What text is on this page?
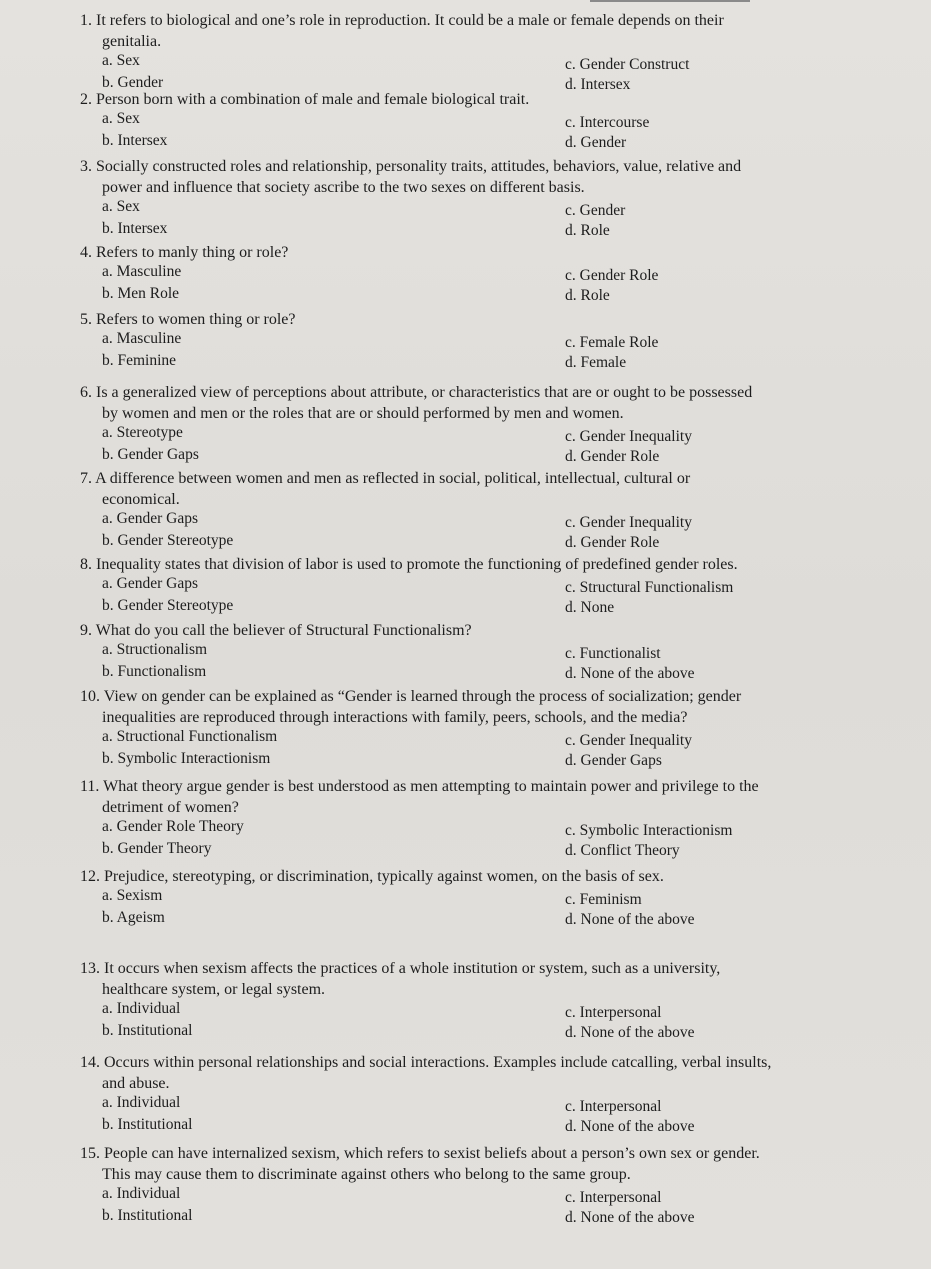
1. It refers to biological and one’s role in reproduction. It could be a male or female depends on their
genitalia.
a. Sex
b. Gender
c. Gender Construct
d. Intersex
2. Person born with a combination of male and female biological trait.
a. Sex
b. Intersex
c. Intercourse
d. Gender
3. Socially constructed roles and relationship, personality traits, attitudes, behaviors, value, relative and
power and influence that society ascribe to the two sexes on different basis.
a. Sex
b. Intersex
c. Gender
d. Role
4. Refers to manly thing or role?
a. Masculine
b. Men Role
c. Gender Role
d. Role
5. Refers to women thing or role?
a. Masculine
b. Feminine
c. Female Role
d. Female
6. Is a generalized view of perceptions about attribute, or characteristics that are or ought to be possessed
by women and men or the roles that are or should performed by men and women.
a. Stereotype
b. Gender Gaps
c. Gender Inequality
d. Gender Role
7. A difference between women and men as reflected in social, political, intellectual, cultural or
economical.
a. Gender Gaps
b. Gender Stereotype
c. Gender Inequality
d. Gender Role
8. Inequality states that division of labor is used to promote the functioning of predefined gender roles.
a. Gender Gaps
b. Gender Stereotype
c. Structural Functionalism
d. None
9. What do you call the believer of Structural Functionalism?
a. Structionalism
b. Functionalism
c. Functionalist
d. None of the above
10. View on gender can be explained as “Gender is learned through the process of socialization; gender
inequalities are reproduced through interactions with family, peers, schools, and the media?
a. Structional Functionalism
b. Symbolic Interactionism
c. Gender Inequality
d. Gender Gaps
11. What theory argue gender is best understood as men attempting to maintain power and privilege to the
detriment of women?
a. Gender Role Theory
b. Gender Theory
c. Symbolic Interactionism
d. Conflict Theory
12. Prejudice, stereotyping, or discrimination, typically against women, on the basis of sex.
a. Sexism
b. Ageism
c. Feminism
d. None of the above
13. It occurs when sexism affects the practices of a whole institution or system, such as a university,
healthcare system, or legal system.
a. Individual
b. Institutional
c. Interpersonal
d. None of the above
14. Occurs within personal relationships and social interactions. Examples include catcalling, verbal insults,
and abuse.
a. Individual
b. Institutional
c. Interpersonal
d. None of the above
15. People can have internalized sexism, which refers to sexist beliefs about a person’s own sex or gender.
This may cause them to discriminate against others who belong to the same group.
a. Individual
b. Institutional
c. Interpersonal
d. None of the above
